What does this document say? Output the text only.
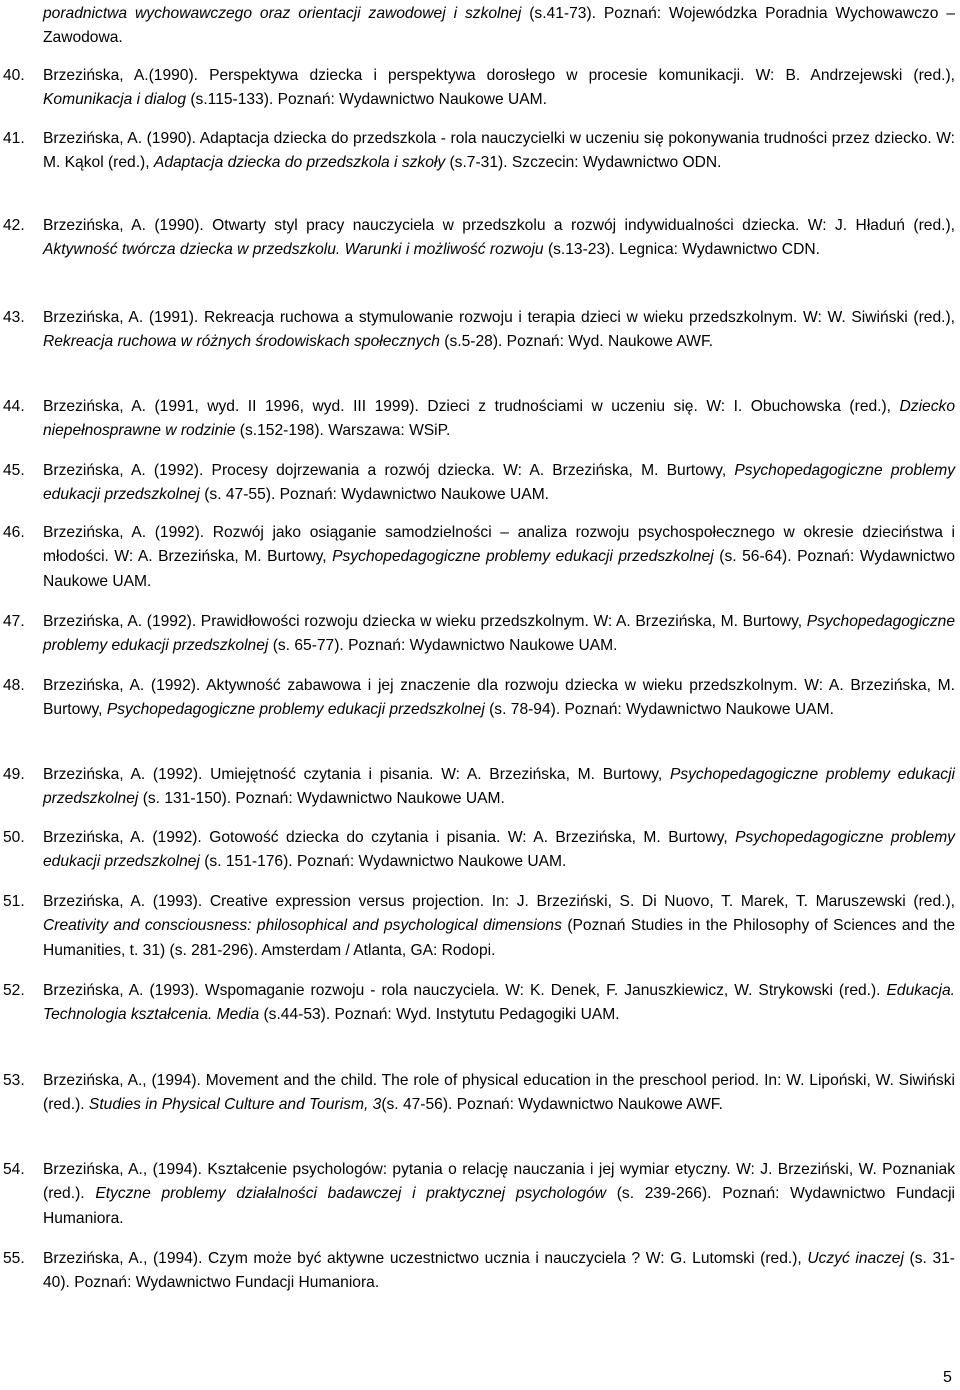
poradnictwa wychowawczego oraz orientacji zawodowej i szkolnej (s.41-73). Poznań: Wojewódzka Poradnia Wychowawczo – Zawodowa.
40. Brzezińska, A.(1990). Perspektywa dziecka i perspektywa dorosłego w procesie komunikacji. W: B. Andrzejewski (red.), Komunikacja i dialog (s.115-133). Poznań: Wydawnictwo Naukowe UAM.
41. Brzezińska, A. (1990). Adaptacja dziecka do przedszkola - rola nauczycielki w uczeniu się pokonywania trudności przez dziecko. W: M. Kąkol (red.), Adaptacja dziecka do przedszkola i szkoły (s.7-31). Szczecin: Wydawnictwo ODN.
42. Brzezińska, A. (1990). Otwarty styl pracy nauczyciela w przedszkolu a rozwój indywidualności dziecka. W: J. Hładuń (red.), Aktywność twórcza dziecka w przedszkolu. Warunki i możliwość rozwoju (s.13-23). Legnica: Wydawnictwo CDN.
43. Brzezińska, A. (1991). Rekreacja ruchowa a stymulowanie rozwoju i terapia dzieci w wieku przedszkolnym. W: W. Siwiński (red.), Rekreacja ruchowa w różnych środowiskach społecznych (s.5-28). Poznań: Wyd. Naukowe AWF.
44. Brzezińska, A. (1991, wyd. II 1996, wyd. III 1999). Dzieci z trudnościami w uczeniu się. W: I. Obuchowska (red.), Dziecko niepełnosprawne w rodzinie (s.152-198). Warszawa: WSiP.
45. Brzezińska, A. (1992). Procesy dojrzewania a rozwój dziecka. W: A. Brzezińska, M. Burtowy, Psychopedagogiczne problemy edukacji przedszkolnej (s. 47-55). Poznań: Wydawnictwo Naukowe UAM.
46. Brzezińska, A. (1992). Rozwój jako osiąganie samodzielności – analiza rozwoju psychospołecznego w okresie dzieciństwa i młodości. W: A. Brzezińska, M. Burtowy, Psychopedagogiczne problemy edukacji przedszkolnej (s. 56-64). Poznań: Wydawnictwo Naukowe UAM.
47. Brzezińska, A. (1992). Prawidłowości rozwoju dziecka w wieku przedszkolnym. W: A. Brzezińska, M. Burtowy, Psychopedagogiczne problemy edukacji przedszkolnej (s. 65-77). Poznań: Wydawnictwo Naukowe UAM.
48. Brzezińska, A. (1992). Aktywność zabawowa i jej znaczenie dla rozwoju dziecka w wieku przedszkolnym. W: A. Brzezińska, M. Burtowy, Psychopedagogiczne problemy edukacji przedszkolnej (s. 78-94). Poznań: Wydawnictwo Naukowe UAM.
49. Brzezińska, A. (1992). Umiejętność czytania i pisania. W: A. Brzezińska, M. Burtowy, Psychopedagogiczne problemy edukacji przedszkolnej (s. 131-150). Poznań: Wydawnictwo Naukowe UAM.
50. Brzezińska, A. (1992). Gotowość dziecka do czytania i pisania. W: A. Brzezińska, M. Burtowy, Psychopedagogiczne problemy edukacji przedszkolnej (s. 151-176). Poznań: Wydawnictwo Naukowe UAM.
51. Brzezińska, A. (1993). Creative expression versus projection. In: J. Brzeziński, S. Di Nuovo, T. Marek, T. Maruszewski (red.), Creativity and consciousness: philosophical and psychological dimensions (Poznań Studies in the Philosophy of Sciences and the Humanities, t. 31) (s. 281-296). Amsterdam / Atlanta, GA: Rodopi.
52. Brzezińska, A. (1993). Wspomaganie rozwoju - rola nauczyciela. W: K. Denek, F. Januszkiewicz, W. Strykowski (red.). Edukacja. Technologia kształcenia. Media (s.44-53). Poznań: Wyd. Instytutu Pedagogiki UAM.
53. Brzezińska, A., (1994). Movement and the child. The role of physical education in the preschool period. In: W. Lipoński, W. Siwiński (red.). Studies in Physical Culture and Tourism, 3(s. 47-56). Poznań: Wydawnictwo Naukowe AWF.
54. Brzezińska, A., (1994). Kształcenie psychologów: pytania o relację nauczania i jej wymiar etyczny. W: J. Brzeziński, W. Poznaniak (red.). Etyczne problemy działalności badawczej i praktycznej psychologów (s. 239-266). Poznań: Wydawnictwo Fundacji Humaniora.
55. Brzezińska, A., (1994). Czym może być aktywne uczestnictwo ucznia i nauczyciela ? W: G. Lutomski (red.), Uczyć inaczej (s. 31-40). Poznań: Wydawnictwo Fundacji Humaniora.
5
